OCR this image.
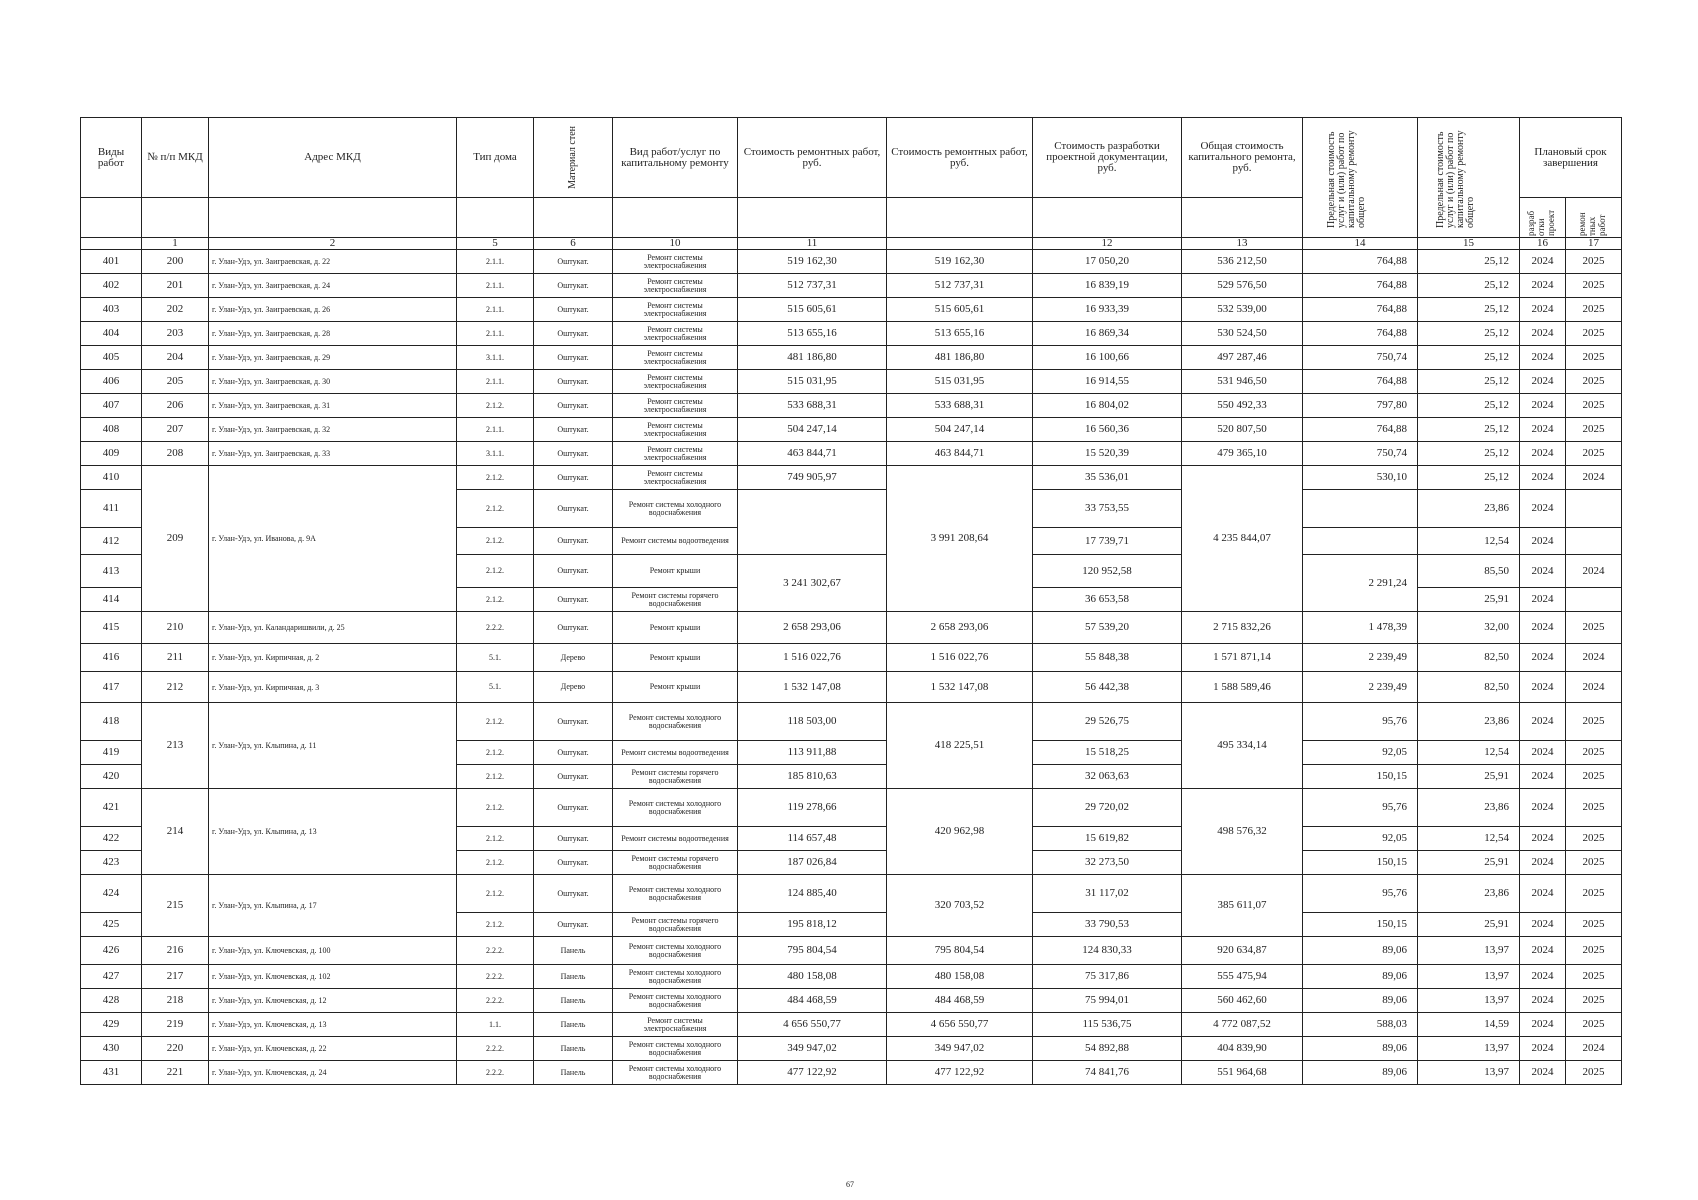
Виды работ	№ п/п МКД	Адрес МКД	Тип дома	Материал стен	Вид работ/услуг по капитальному ремонту	Стоимость ремонтных работ, руб.	Стоимость ремонтных работ, руб.	Стоимость разработки проектной документации, руб.	Общая стоимость капитального ремонта, руб.	Предельная стоимость услуг и (или) работ по капитальному ремонту общего	Предельная стоимость услуг и (или) работ по капитальному ремонту общего	Плановый срок завершения	

												разраб отки проект	ремон тных работ

	1	2	5	6	10	11		12	13	14	15	16	17
401	200	г. Улан-Удэ, ул. Заиграевская, д. 22	2.1.1.	Оштукат.	Ремонт системы электроснабжения	519 162,30	519 162,30	17 050,20	536 212,50	764,88	25,12	2024	2025
402	201	г. Улан-Удэ, ул. Заиграевская, д. 24	2.1.1.	Оштукат.	Ремонт системы электроснабжения	512 737,31	512 737,31	16 839,19	529 576,50	764,88	25,12	2024	2025
403	202	г. Улан-Удэ, ул. Заиграевская, д. 26	2.1.1.	Оштукат.	Ремонт системы электроснабжения	515 605,61	515 605,61	16 933,39	532 539,00	764,88	25,12	2024	2025
404	203	г. Улан-Удэ, ул. Заиграевская, д. 28	2.1.1.	Оштукат.	Ремонт системы электроснабжения	513 655,16	513 655,16	16 869,34	530 524,50	764,88	25,12	2024	2025
405	204	г. Улан-Удэ, ул. Заиграевская, д. 29	3.1.1.	Оштукат.	Ремонт системы электроснабжения	481 186,80	481 186,80	16 100,66	497 287,46	750,74	25,12	2024	2025
406	205	г. Улан-Удэ, ул. Заиграевская, д. 30	2.1.1.	Оштукат.	Ремонт системы электроснабжения	515 031,95	515 031,95	16 914,55	531 946,50	764,88	25,12	2024	2025
407	206	г. Улан-Удэ, ул. Заиграевская, д. 31	2.1.2.	Оштукат.	Ремонт системы электроснабжения	533 688,31	533 688,31	16 804,02	550 492,33	797,80	25,12	2024	2025
408	207	г. Улан-Удэ, ул. Заиграевская, д. 32	2.1.1.	Оштукат.	Ремонт системы электроснабжения	504 247,14	504 247,14	16 560,36	520 807,50	764,88	25,12	2024	2025
409	208	г. Улан-Удэ, ул. Заиграевская, д. 33	3.1.1.	Оштукат.	Ремонт системы электроснабжения	463 844,71	463 844,71	15 520,39	479 365,10	750,74	25,12	2024	2025
410	209	г. Улан-Удэ, ул. Иванова, д. 9А	2.1.2.	Оштукат.	Ремонт системы электроснабжения	749 905,97	3 991 208,64	35 536,01	4 235 844,07	530,10	25,12	2024	2024
411			2.1.2.	Оштукат.	Ремонт системы холодного водоснабжения			33 753,55			23,86	2024	
412			2.1.2.	Оштукат.	Ремонт системы водоотведения			17 739,71			12,54	2024	
413			2.1.2.	Оштукат.	Ремонт крыши	3 241 302,67		120 952,58		2 291,24	85,50	2024	2024
414			2.1.2.	Оштукат.	Ремонт системы горячего водоснабжения			36 653,58			25,91	2024	
415	210	г. Улан-Удэ, ул. Каландаришвили, д. 25	2.2.2.	Оштукат.	Ремонт крыши	2 658 293,06	2 658 293,06	57 539,20	2 715 832,26	1 478,39	32,00	2024	2025
416	211	г. Улан-Удэ, ул. Кирпичная, д. 2	5.1.	Дерево	Ремонт крыши	1 516 022,76	1 516 022,76	55 848,38	1 571 871,14	2 239,49	82,50	2024	2024
417	212	г. Улан-Удэ, ул. Кирпичная, д. 3	5.1.	Дерево	Ремонт крыши	1 532 147,08	1 532 147,08	56 442,38	1 588 589,46	2 239,49	82,50	2024	2024
418	213	г. Улан-Удэ, ул. Клыпина, д. 11	2.1.2.	Оштукат.	Ремонт системы холодного водоснабжения	118 503,00	418 225,51	29 526,75	495 334,14	95,76	23,86	2024	2025
419			2.1.2.	Оштукат.	Ремонт системы водоотведения	113 911,88		15 518,25		92,05	12,54	2024	2025
420			2.1.2.	Оштукат.	Ремонт системы горячего водоснабжения	185 810,63		32 063,63		150,15	25,91	2024	2025
421	214	г. Улан-Удэ, ул. Клыпина, д. 13	2.1.2.	Оштукат.	Ремонт системы холодного водоснабжения	119 278,66	420 962,98	29 720,02	498 576,32	95,76	23,86	2024	2025
422			2.1.2.	Оштукат.	Ремонт системы водоотведения	114 657,48		15 619,82		92,05	12,54	2024	2025
423			2.1.2.	Оштукат.	Ремонт системы горячего водоснабжения	187 026,84		32 273,50		150,15	25,91	2024	2025
424	215	г. Улан-Удэ, ул. Клыпина, д. 17	2.1.2.	Оштукат.	Ремонт системы холодного водоснабжения	124 885,40	320 703,52	31 117,02	385 611,07	95,76	23,86	2024	2025
425			2.1.2.	Оштукат.	Ремонт системы горячего водоснабжения	195 818,12		33 790,53		150,15	25,91	2024	2025
426	216	г. Улан-Удэ, ул. Ключевская, д. 100	2.2.2.	Панель	Ремонт системы холодного водоснабжения	795 804,54	795 804,54	124 830,33	920 634,87	89,06	13,97	2024	2025
427	217	г. Улан-Удэ, ул. Ключевская, д. 102	2.2.2.	Панель	Ремонт системы холодного водоснабжения	480 158,08	480 158,08	75 317,86	555 475,94	89,06	13,97	2024	2025
428	218	г. Улан-Удэ, ул. Ключевская, д. 12	2.2.2.	Панель	Ремонт системы холодного водоснабжения	484 468,59	484 468,59	75 994,01	560 462,60	89,06	13,97	2024	2025
429	219	г. Улан-Удэ, ул. Ключевская, д. 13	1.1.	Панель	Ремонт системы электроснабжения	4 656 550,77	4 656 550,77	115 536,75	4 772 087,52	588,03	14,59	2024	2025
430	220	г. Улан-Удэ, ул. Ключевская, д. 22	2.2.2.	Панель	Ремонт системы холодного водоснабжения	349 947,02	349 947,02	54 892,88	404 839,90	89,06	13,97	2024	2024
431	221	г. Улан-Удэ, ул. Ключевская, д. 24	2.2.2.	Панель	Ремонт системы холодного водоснабжения	477 122,92	477 122,92	74 841,76	551 964,68	89,06	13,97	2024	2025
67
